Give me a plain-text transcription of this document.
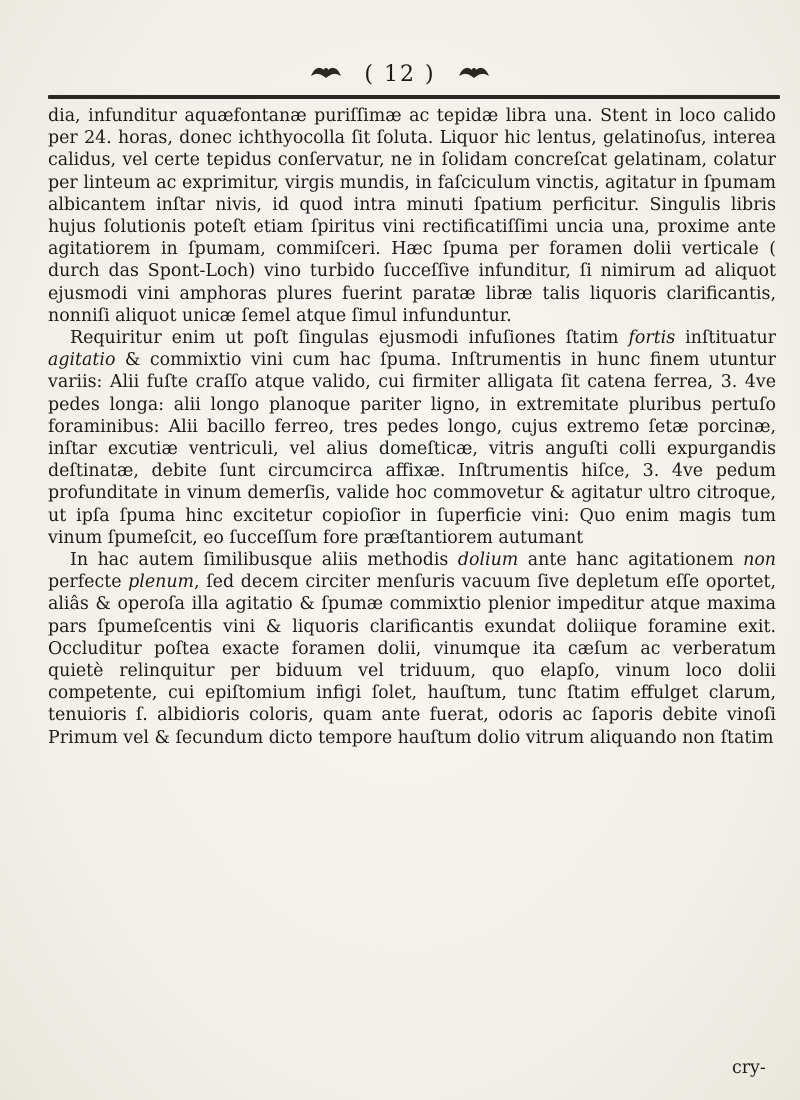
( 12 )

dia, infunditur aquæfontanæ puriſſimæ ac tepidæ libra una. Stent in loco calido per 24. horas, donec ichthyocolla ſit ſoluta. Liquor hic lentus, gelatinoſus, interea calidus, vel certe tepidus conſervatur, ne in ſolidam concreſcat gelatinam, colatur per linteum ac exprimitur, virgis mundis, in faſciculum vinctis, agitatur in ſpumam albicantem inſtar nivis, id quod intra minuti ſpatium perficitur. Singulis libris hujus ſolutionis poteſt etiam ſpiritus vini rectificatiſſimi uncia una, proxime ante agitatiorem in ſpumam, commiſceri. Hæc ſpuma per foramen dolii verticale ( durch das Spont-Loch) vino turbido ſucceſſive infunditur, ſi nimirum ad aliquot ejusmodi vini amphoras plures fuerint paratæ libræ talis liquoris clarificantis, nonniſi aliquot unicæ ſemel atque ſimul infunduntur.

Requiritur enim ut poſt ſingulas ejusmodi infuſiones ſtatim fortis inſtituatur agitatio & commixtio vini cum hac ſpuma. Inſtrumentis in hunc finem utuntur variis: Alii fuſte craſſo atque valido, cui firmiter alligata ſit catena ferrea, 3. 4ve pedes longa: alii longo planoque pariter ligno, in extremitate pluribus pertuſo foraminibus: Alii bacillo ferreo, tres pedes longo, cujus extremo ſetæ porcinæ, inſtar excutiæ ventriculi, vel alius domeſticæ, vitris anguſti colli expurgandis deſtinatæ, debite ſunt circumcirca affixæ. Inſtrumentis hiſce, 3. 4ve pedum profunditate in vinum demerſis, valide hoc commovetur & agitatur ultro citroque, ut ipſa ſpuma hinc excitetur copioſior in ſuperficie vini: Quo enim magis tum vinum ſpumeſcit, eo ſucceſſum fore præſtantiorem autumant

In hac autem ſimilibusque aliis methodis dolium ante hanc agitationem non perfecte plenum, ſed decem circiter menſuris vacuum ſive depletum eſſe oportet, aliâs & operoſa illa agitatio & ſpumæ commixtio plenior impeditur atque maxima pars ſpumeſcentis vini & liquoris clarificantis exundat doliique foramine exit. Occluditur poſtea exacte foramen dolii, vinumque ita cæſum ac verberatum quietè relinquitur per biduum vel triduum, quo elapſo, vinum loco dolii competente, cui epiſtomium infigi ſolet, hauſtum, tunc ſtatim effulget clarum, tenuioris ſ. albidioris coloris, quam ante fuerat, odoris ac ſaporis debite vinoſi Primum vel & ſecundum dicto tempore hauſtum dolio vitrum aliquando non ſtatim

cry-
